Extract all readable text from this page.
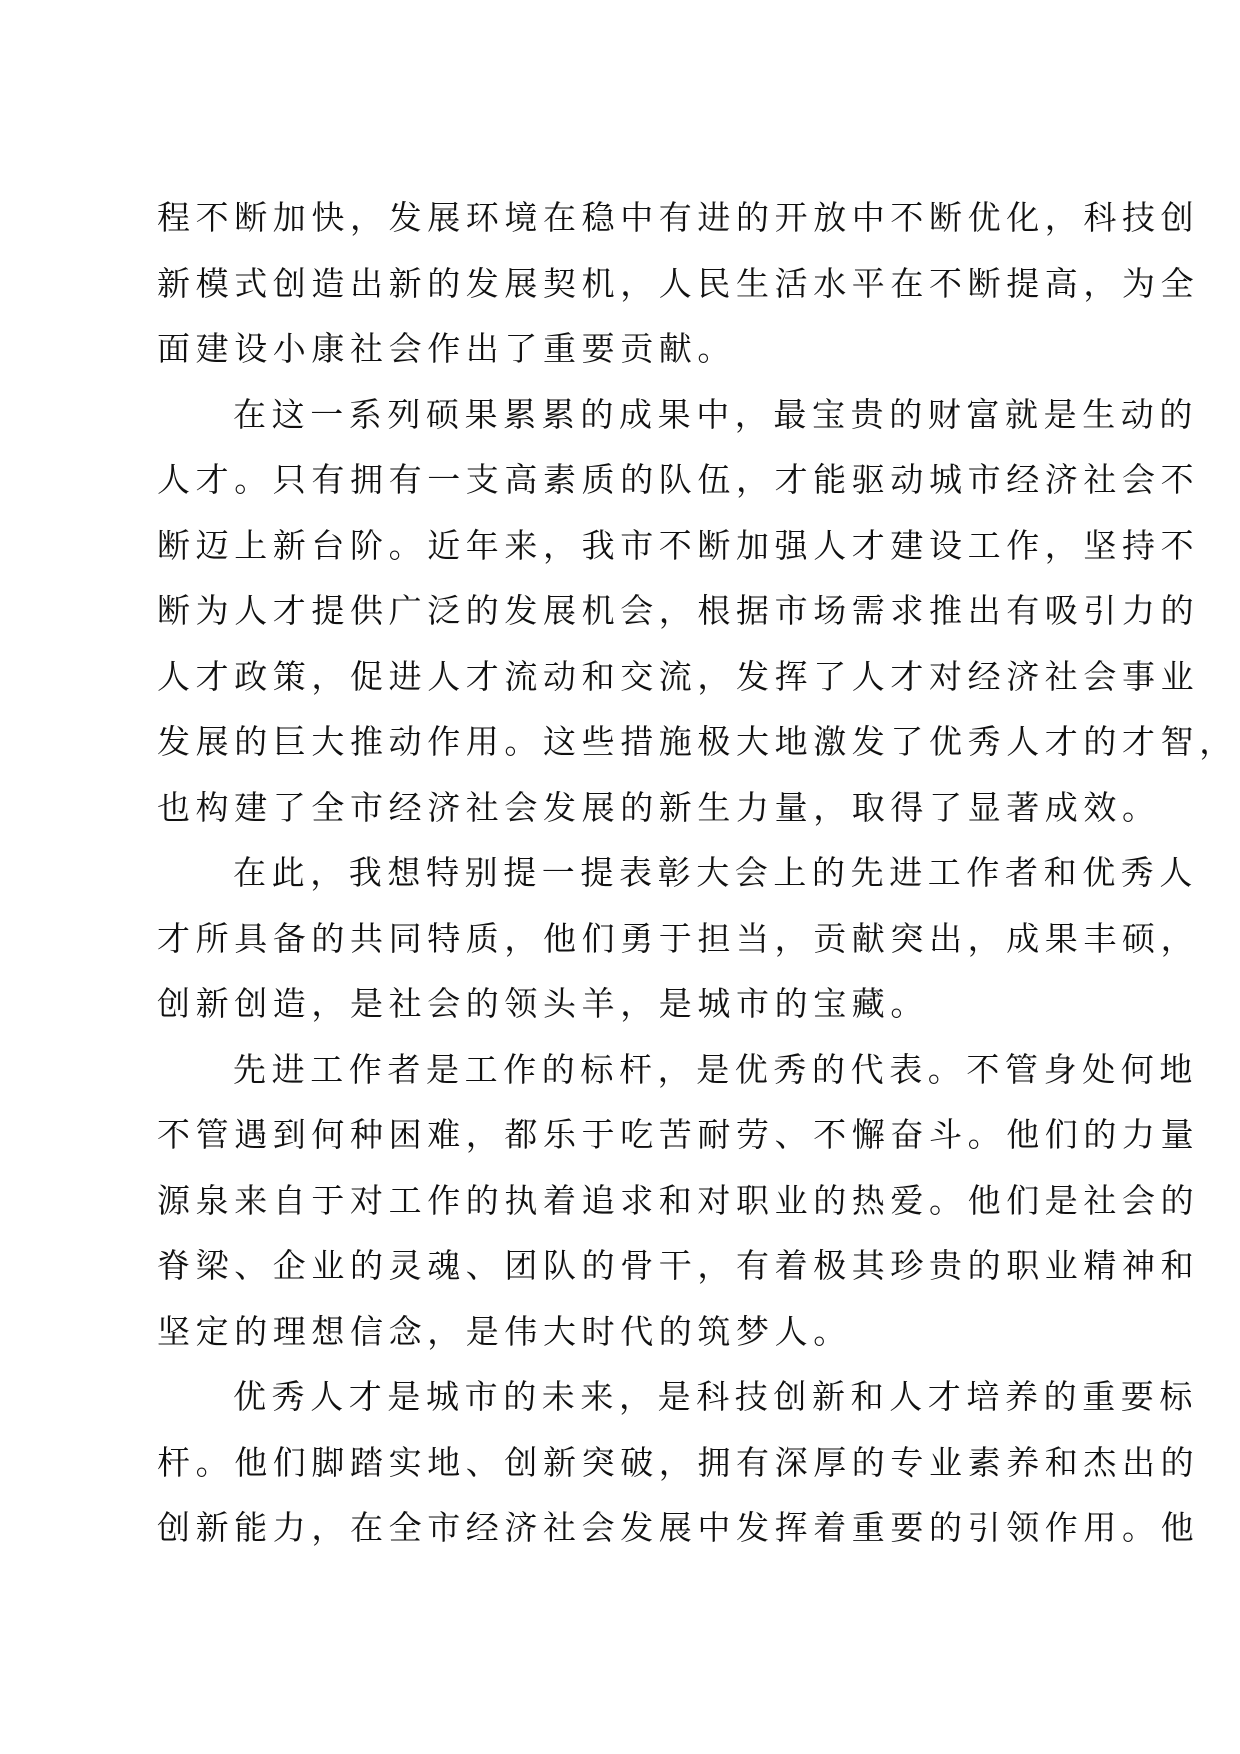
程不断加快，发展环境在稳中有进的开放中不断优化，科技创
新模式创造出新的发展契机，人民生活水平在不断提高，为全
面建设小康社会作出了重要贡献。
在这一系列硕果累累的成果中，最宝贵的财富就是生动的
人才。只有拥有一支高素质的队伍，才能驱动城市经济社会不
断迈上新台阶。近年来，我市不断加强人才建设工作，坚持不
断为人才提供广泛的发展机会，根据市场需求推出有吸引力的
人才政策，促进人才流动和交流，发挥了人才对经济社会事业
发展的巨大推动作用。这些措施极大地激发了优秀人才的才智，
也构建了全市经济社会发展的新生力量，取得了显著成效。
在此，我想特别提一提表彰大会上的先进工作者和优秀人
才所具备的共同特质，他们勇于担当，贡献突出，成果丰硕，
创新创造，是社会的领头羊，是城市的宝藏。
先进工作者是工作的标杆，是优秀的代表。不管身处何地
不管遇到何种困难，都乐于吃苦耐劳、不懈奋斗。他们的力量
源泉来自于对工作的执着追求和对职业的热爱。他们是社会的
脊梁、企业的灵魂、团队的骨干，有着极其珍贵的职业精神和
坚定的理想信念，是伟大时代的筑梦人。
优秀人才是城市的未来，是科技创新和人才培养的重要标
杆。他们脚踏实地、创新突破，拥有深厚的专业素养和杰出的
创新能力，在全市经济社会发展中发挥着重要的引领作用。他
